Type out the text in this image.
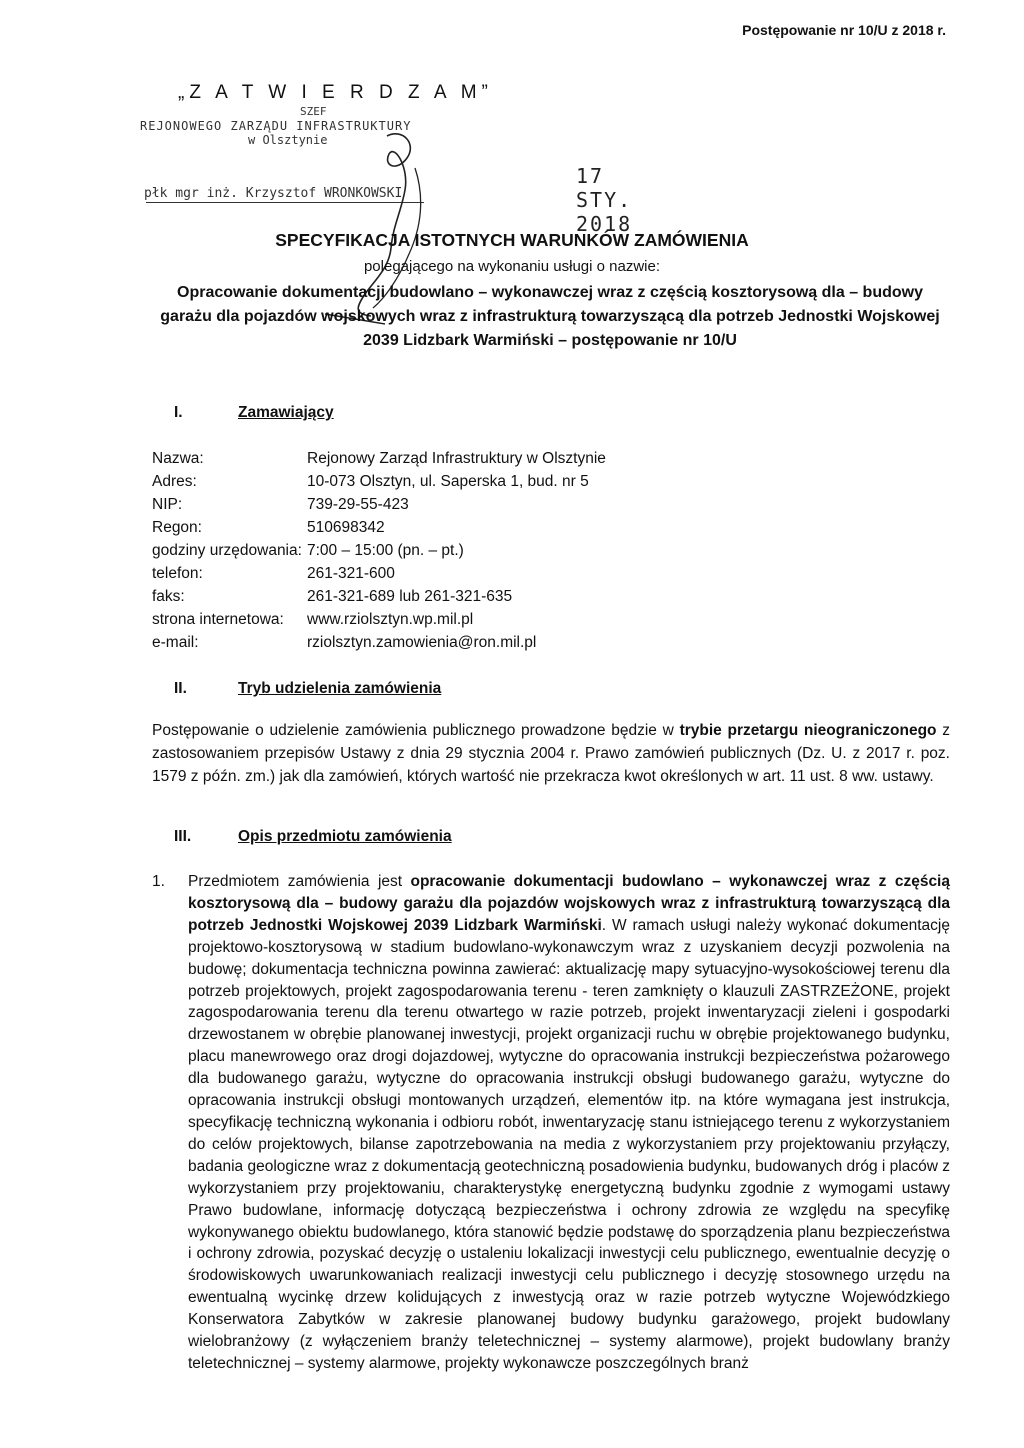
Postępowanie nr 10/U z 2018 r.
„Z A T W I E R D Z A M”
SZEF
REJONOWEGO ZARZĄDU INFRASTRUKTURY
w Olsztynie
płk mgr inż. Krzysztof WRONKOWSKI
17 STY. 2018
SPECYFIKACJA ISTOTNYCH WARUNKÓW ZAMÓWIENIA
polegającego na wykonaniu usługi o nazwie:
Opracowanie dokumentacji budowlano – wykonawczej wraz z częścią kosztorysową dla – budowy garażu dla pojazdów wojskowych wraz z infrastrukturą towarzyszącą dla potrzeb Jednostki Wojskowej 2039 Lidzbark Warmiński – postępowanie nr 10/U
I.	Zamawiający
Nazwa:	Rejonowy Zarząd Infrastruktury w Olsztynie
Adres:	10-073 Olsztyn, ul. Saperska 1, bud. nr 5
NIP:	739-29-55-423
Regon:	510698342
godziny urzędowania: 7:00 – 15:00 (pn. – pt.)
telefon:	261-321-600
faks:	261-321-689 lub 261-321-635
strona internetowa: www.rziolsztyn.wp.mil.pl
e-mail:	rziolsztyn.zamowienia@ron.mil.pl
II.	Tryb udzielenia zamówienia
Postępowanie o udzielenie zamówienia publicznego prowadzone będzie w trybie przetargu nieograniczonego z zastosowaniem przepisów Ustawy z dnia 29 stycznia 2004 r. Prawo zamówień publicznych (Dz. U. z 2017 r. poz. 1579 z późn. zm.) jak dla zamówień, których wartość nie przekracza kwot określonych w art. 11 ust. 8 ww. ustawy.
III.	Opis przedmiotu zamówienia
1. Przedmiotem zamówienia jest opracowanie dokumentacji budowlano – wykonawczej wraz z częścią kosztorysową dla – budowy garażu dla pojazdów wojskowych wraz z infrastrukturą towarzyszącą dla potrzeb Jednostki Wojskowej 2039 Lidzbark Warmiński. W ramach usługi należy wykonać dokumentację projektowo-kosztorysową w stadium budowlano-wykonawczym wraz z uzyskaniem decyzji pozwolenia na budowę; dokumentacja techniczna powinna zawierać: aktualizację mapy sytuacyjno-wysokościowej terenu dla potrzeb projektowych, projekt zagospodarowania terenu - teren zamknięty o klauzuli ZASTRZEŻONE, projekt zagospodarowania terenu dla terenu otwartego w razie potrzeb, projekt inwentaryzacji zieleni i gospodarki drzewostanem w obrębie planowanej inwestycji, projekt organizacji ruchu w obrębie projektowanego budynku, placu manewrowego oraz drogi dojazdowej, wytyczne do opracowania instrukcji bezpieczeństwa pożarowego dla budowanego garażu, wytyczne do opracowania instrukcji obsługi budowanego garażu, wytyczne do opracowania instrukcji obsługi montowanych urządzeń, elementów itp. na które wymagana jest instrukcja, specyfikację techniczną wykonania i odbioru robót, inwentaryzację stanu istniejącego terenu z wykorzystaniem do celów projektowych, bilanse zapotrzebowania na media z wykorzystaniem przy projektowaniu przyłączy, badania geologiczne wraz z dokumentacją geotechniczną posadowienia budynku, budowanych dróg i placów z wykorzystaniem przy projektowaniu, charakterystykę energetyczną budynku zgodnie z wymogami ustawy Prawo budowlane, informację dotyczącą bezpieczeństwa i ochrony zdrowia ze względu na specyfikę wykonywanego obiektu budowlanego, która stanowić będzie podstawę do sporządzenia planu bezpieczeństwa i ochrony zdrowia, pozyskać decyzję o ustaleniu lokalizacji inwestycji celu publicznego, ewentualnie decyzję o środowiskowych uwarunkowaniach realizacji inwestycji celu publicznego i decyzję stosownego urzędu na ewentualną wycinkę drzew kolidujących z inwestycją oraz w razie potrzeb wytyczne Wojewódzkiego Konserwatora Zabytków w zakresie planowanej budowy budynku garażowego, projekt budowlany wielobranżowy (z wyłączeniem branży teletechnicznej – systemy alarmowe), projekt budowlany branży teletechnicznej – systemy alarmowe, projekty wykonawcze poszczególnych branż
